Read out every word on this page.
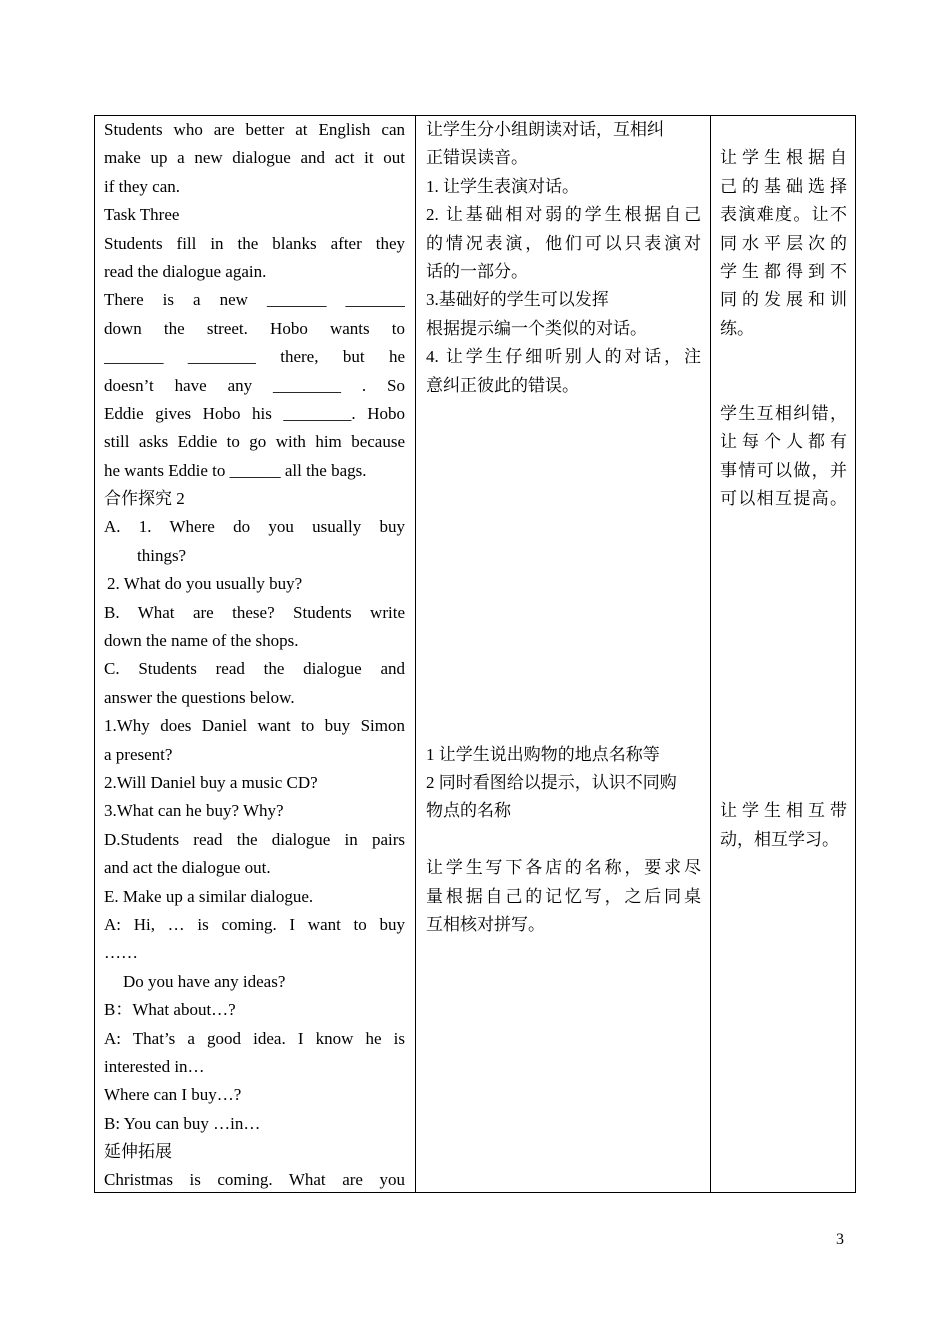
Students who are better at English can
make up a new dialogue and act it out
if they can.
Task Three
Students fill in the blanks after they
read the dialogue again.
There is a new _______ _______
down the street. Hobo wants to
_______ ________ there, but he
doesn’t have any ________ . So
Eddie gives Hobo his ________. Hobo
still asks Eddie to go with him because
he wants Eddie to ______ all the bags.
合作探究 2
A. 1. Where do you usually buy
things?
2. What do you usually buy?
B. What are these? Students write
down the name of the shops.
C. Students read the dialogue and
answer the questions below.
1.Why does Daniel want to buy Simon
a present?
2.Will Daniel buy a music CD?
3.What can he buy? Why?
D.Students read the dialogue in pairs
and act the dialogue out.
E. Make up a similar dialogue.
A: Hi, … is coming. I want to buy
……
Do you have any ideas?
B：What about…?
A: That’s a good idea. I know he is
interested in…
Where can I buy…?
B: You can buy …in…
延伸拓展
Christmas is coming. What are you
让学生分小组朗读对话，互相纠
正错误读音。
1. 让学生表演对话。
2. 让基础相对弱的学生根据自己
的情况表演，他们可以只表演对
话的一部分。
3.基础好的学生可以发挥
根据提示编一个类似的对话。
4. 让学生仔细听别人的对话，注
意纠正彼此的错误。
1 让学生说出购物的地点名称等
2 同时看图给以提示，认识不同购
物点的名称
让学生写下各店的名称，要求尽
量根据自己的记忆写，之后同桌
互相核对拼写。
让学生根据自
己的基础选择
表演难度。让不
同水平层次的
学生都得到不
同的发展和训
练。
学生互相纠错，
让每个人都有
事情可以做，并
可以相互提高。
让学生相互带
动，相互学习。
3
